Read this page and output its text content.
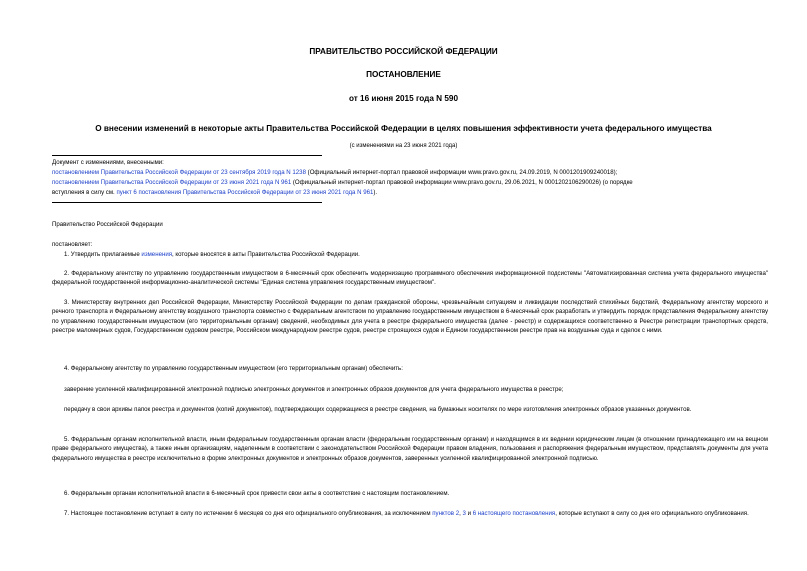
ПРАВИТЕЛЬСТВО РОССИЙСКОЙ ФЕДЕРАЦИИ
ПОСТАНОВЛЕНИЕ
от 16 июня 2015 года N 590
О внесении изменений в некоторые акты Правительства Российской Федерации в целях повышения эффективности учета федерального имущества
(с изменениями на 23 июня 2021 года)
Документ с изменениями, внесенными:
постановлением Правительства Российской Федерации от 23 сентября 2019 года N 1238 (Официальный интернет-портал правовой информации www.pravo.gov.ru, 24.09.2019, N 0001201909240018);
постановлением Правительства Российской Федерации от 23 июня 2021 года N 961 (Официальный интернет-портал правовой информации www.pravo.gov.ru, 29.06.2021, N 0001202106290026) (о порядке
вступления в силу см. пункт 6 постановления Правительства Российской Федерации от 23 июня 2021 года N 961).
Правительство Российской Федерации
постановляет:
1. Утвердить прилагаемые изменения, которые вносятся в акты Правительства Российской Федерации.
2. Федеральному агентству по управлению государственным имуществом в 6-месячный срок обеспечить модернизацию программного обеспечения информационной подсистемы "Автоматизированная система учета федерального имущества" федеральной государственной информационно-аналитической системы "Единая система управления государственным имуществом".
3. Министерству внутренних дел Российской Федерации, Министерству Российской Федерации по делам гражданской обороны, чрезвычайным ситуациям и ликвидации последствий стихийных бедствий, Федеральному агентству морского и речного транспорта и Федеральному агентству воздушного транспорта совместно с Федеральным агентством по управлению государственным имуществом в 6-месячный срок разработать и утвердить порядок представления Федеральному агентству по управлению государственным имуществом (его территориальным органам) сведений, необходимых для учета в реестре федерального имущества (далее - реестр) и содержащихся соответственно в Реестре регистрации транспортных средств, реестре маломерных судов, Государственном судовом реестре, Российском международном реестре судов, реестре строящихся судов и Едином государственном реестре прав на воздушные суда и сделок с ними.
4. Федеральному агентству по управлению государственным имуществом (его территориальным органам) обеспечить:
заверение усиленной квалифицированной электронной подписью электронных документов и электронных образов документов для учета федерального имущества в реестре;
передачу в свои архивы папок реестра и документов (копий документов), подтверждающих содержащиеся в реестре сведения, на бумажных носителях по мере изготовления электронных образов указанных документов.
5. Федеральным органам исполнительной власти, иным федеральным государственным органам власти (федеральным государственным органам) и находящимся в их ведении юридическим лицам (в отношении принадлежащего им на вещном праве федерального имущества), а также иным организациям, наделенным в соответствии с законодательством Российской Федерации правом владения, пользования и распоряжения федеральным имуществом, представлять документы для учета федерального имущества в реестре исключительно в форме электронных документов и электронных образов документов, заверенных усиленной квалифицированной электронной подписью.
6. Федеральным органам исполнительной власти в 6-месячный срок привести свои акты в соответствие с настоящим постановлением.
7. Настоящее постановление вступает в силу по истечении 6 месяцев со дня его официального опубликования, за исключением пунктов 2, 3 и 6 настоящего постановления, которые вступают в силу со дня его официального опубликования.
